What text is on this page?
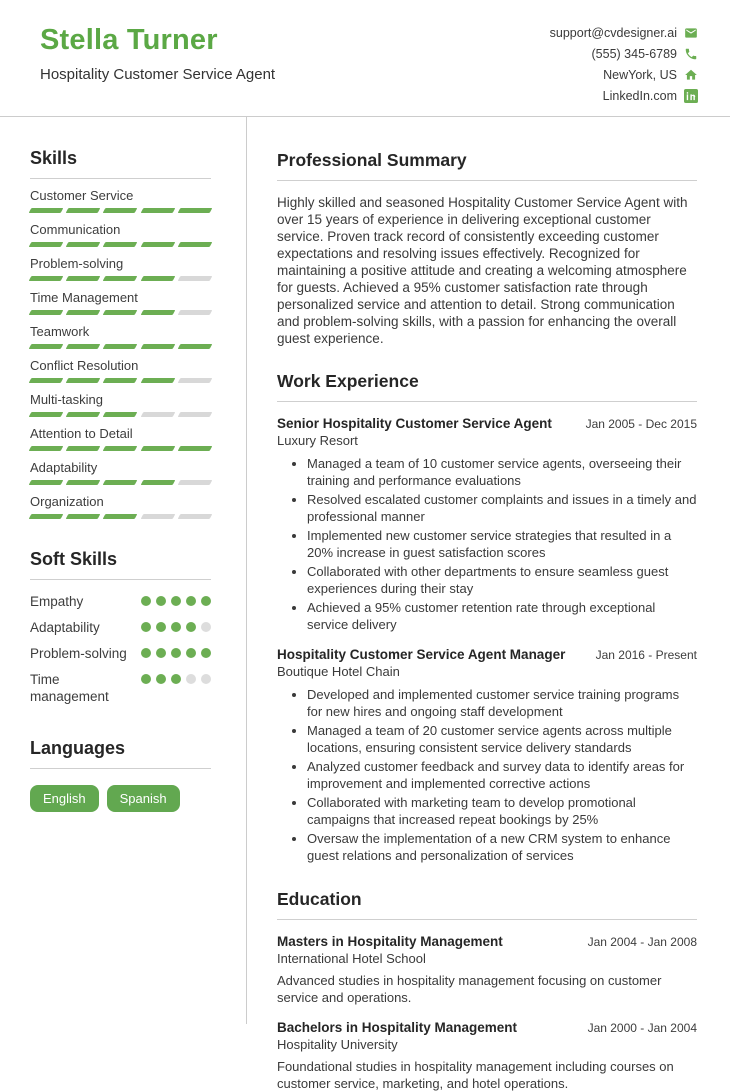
Stella Turner
Hospitality Customer Service Agent
support@cvdesigner.ai
(555) 345-6789
NewYork, US
LinkedIn.com
Skills
Customer Service
Communication
Problem-solving
Time Management
Teamwork
Conflict Resolution
Multi-tasking
Attention to Detail
Adaptability
Organization
Soft Skills
Empathy
Adaptability
Problem-solving
Time management
Languages
English	Spanish
Professional Summary

Highly skilled and seasoned Hospitality Customer Service Agent with over 15 years of experience in delivering exceptional customer service. Proven track record of consistently exceeding customer expectations and resolving issues effectively. Recognized for maintaining a positive attitude and creating a welcoming atmosphere for guests. Achieved a 95% customer satisfaction rate through personalized service and attention to detail. Strong communication and problem-solving skills, with a passion for enhancing the overall guest experience.

Work Experience
Senior Hospitality Customer Service Agent	Jan 2005 - Dec 2015
Luxury Resort
• Managed a team of 10 customer service agents, overseeing their training and performance evaluations
• Resolved escalated customer complaints and issues in a timely and professional manner
• Implemented new customer service strategies that resulted in a 20% increase in guest satisfaction scores
• Collaborated with other departments to ensure seamless guest experiences during their stay
• Achieved a 95% customer retention rate through exceptional service delivery
Hospitality Customer Service Agent Manager	Jan 2016 - Present
Boutique Hotel Chain
• Developed and implemented customer service training programs for new hires and ongoing staff development
• Managed a team of 20 customer service agents across multiple locations, ensuring consistent service delivery standards
• Analyzed customer feedback and survey data to identify areas for improvement and implemented corrective actions
• Collaborated with marketing team to develop promotional campaigns that increased repeat bookings by 25%
• Oversaw the implementation of a new CRM system to enhance guest relations and personalization of services
Education
Masters in Hospitality Management	Jan 2004 - Jan 2008
International Hotel School

Advanced studies in hospitality management focusing on customer service and operations.

Bachelors in Hospitality Management	Jan 2000 - Jan 2004
Hospitality University

Foundational studies in hospitality management including courses on customer service, marketing, and hotel operations.
